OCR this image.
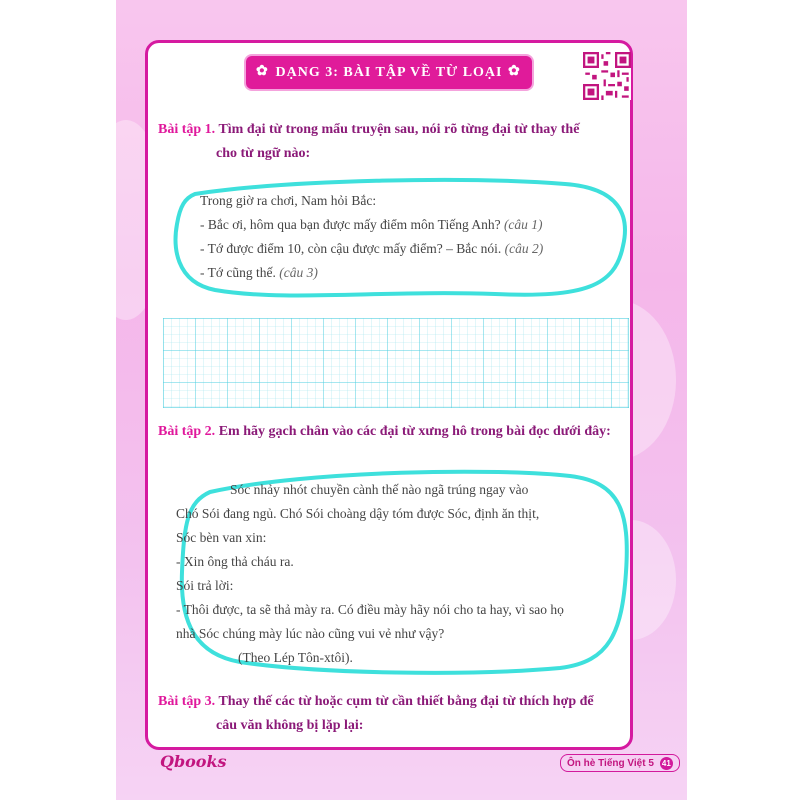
✿ DẠNG 3: BÀI TẬP VỀ TỪ LOẠI ✿
Bài tập 1. Tìm đại từ trong mẩu truyện sau, nói rõ từng đại từ thay thế
cho từ ngữ nào:
Trong giờ ra chơi, Nam hỏi Bắc:
- Bắc ơi, hôm qua bạn được mấy điểm môn Tiếng Anh? (câu 1)
- Tớ được điểm 10, còn cậu được mấy điểm? – Bắc nói. (câu 2)
- Tớ cũng thế. (câu 3)
Bài tập 2. Em hãy gạch chân vào các đại từ xưng hô trong bài đọc dưới đây:
Sóc nhảy nhót chuyền cành thế nào ngã trúng ngay vào
Chó Sói đang ngủ. Chó Sói choàng dậy tóm được Sóc, định ăn thịt,
Sóc bèn van xin:
- Xin ông thả cháu ra.
Sói trả lời:
- Thôi được, ta sẽ thả mày ra. Có điều mày hãy nói cho ta hay, vì sao họ
nhà Sóc chúng mày lúc nào cũng vui vẻ như vậy?
(Theo Lép Tôn-xtôi).
Bài tập 3. Thay thế các từ hoặc cụm từ cần thiết bằng đại từ thích hợp để
câu văn không bị lặp lại:
Qbooks	Ôn hè Tiếng Việt 5 41
